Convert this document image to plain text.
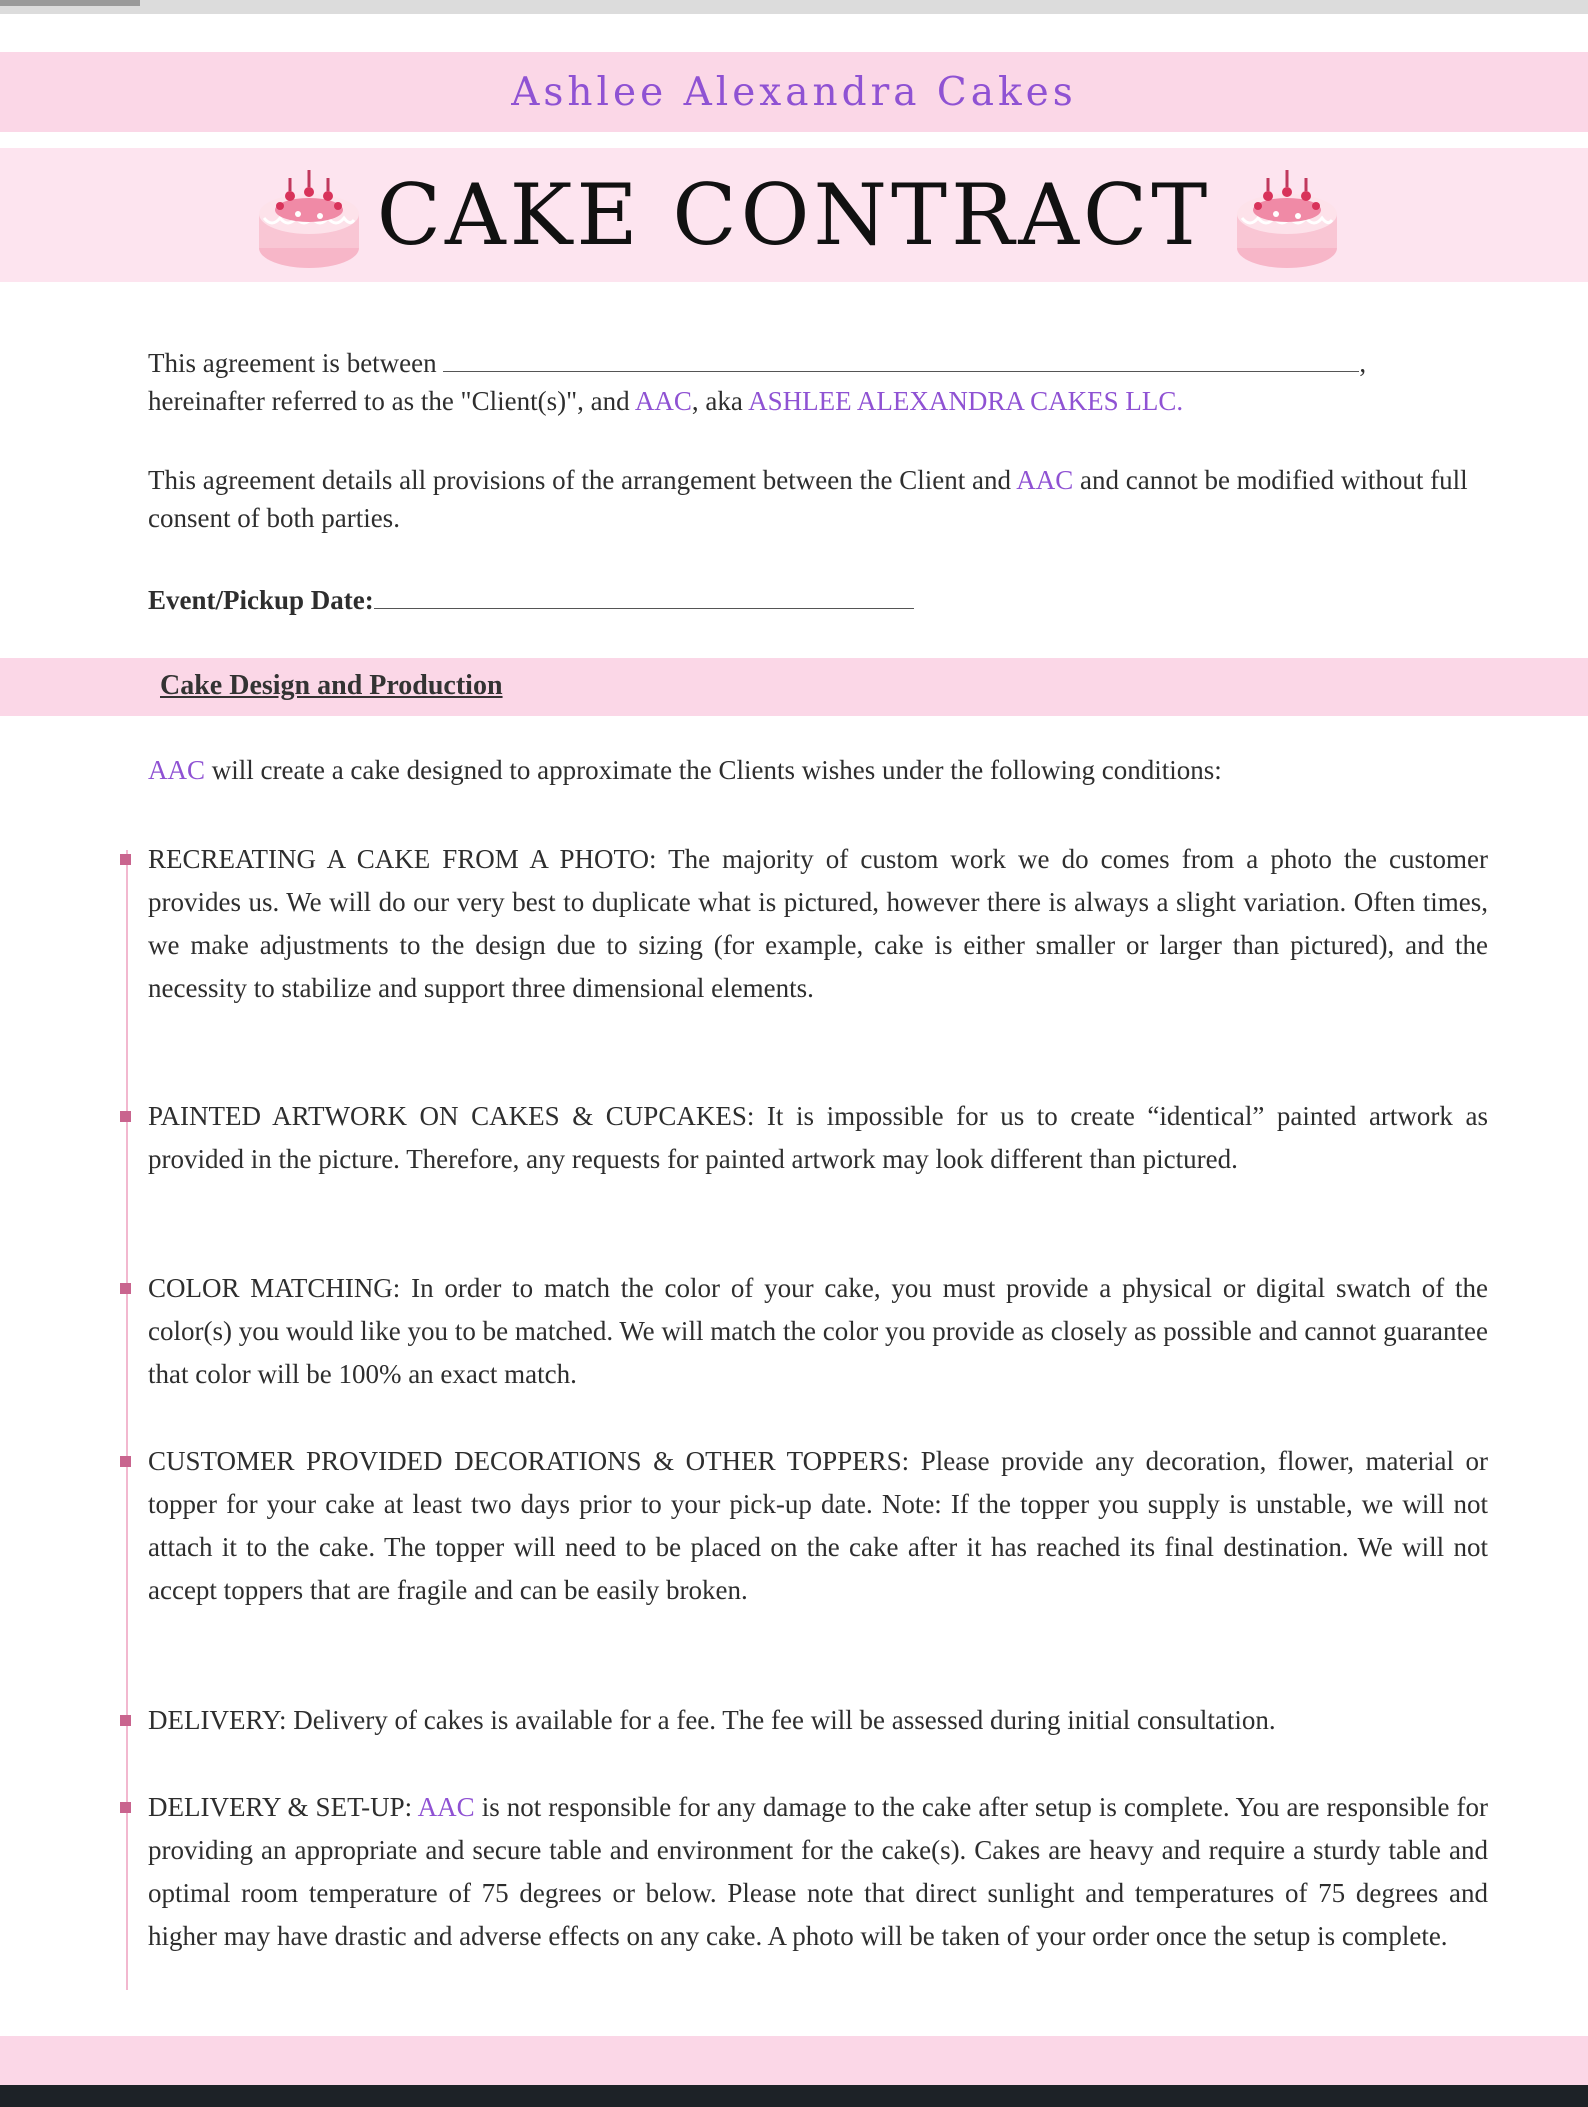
Ashlee Alexandra Cakes
CAKE CONTRACT
This agreement is between	,
hereinafter referred to as the "Client(s)", and AAC, aka ASHLEE ALEXANDRA CAKES LLC.
This agreement details all provisions of the arrangement between the Client and AAC and cannot be modified without full consent of both parties.
Event/Pickup Date:
Cake Design and Production
AAC will create a cake designed to approximate the Clients wishes under the following conditions:
RECREATING A CAKE FROM A PHOTO: The majority of custom work we do comes from a photo the customer provides us. We will do our very best to duplicate what is pictured, however there is always a slight variation. Often times, we make adjustments to the design due to sizing (for example, cake is either smaller or larger than pictured), and the necessity to stabilize and support three dimensional elements.
PAINTED ARTWORK ON CAKES & CUPCAKES: It is impossible for us to create “identical” painted artwork as provided in the picture. Therefore, any requests for painted artwork may look different than pictured.
COLOR MATCHING: In order to match the color of your cake, you must provide a physical or digital swatch of the color(s) you would like you to be matched. We will match the color you provide as closely as possible and cannot guarantee that color will be 100% an exact match.
CUSTOMER PROVIDED DECORATIONS & OTHER TOPPERS: Please provide any decoration, flower, material or topper for your cake at least two days prior to your pick-up date. Note: If the topper you supply is unstable, we will not attach it to the cake. The topper will need to be placed on the cake after it has reached its final destination. We will not accept toppers that are fragile and can be easily broken.
DELIVERY: Delivery of cakes is available for a fee. The fee will be assessed during initial consultation.
DELIVERY & SET-UP: AAC is not responsible for any damage to the cake after setup is complete. You are responsible for providing an appropriate and secure table and environment for the cake(s). Cakes are heavy and require a sturdy table and optimal room temperature of 75 degrees or below. Please note that direct sunlight and temperatures of 75 degrees and higher may have drastic and adverse effects on any cake. A photo will be taken of your order once the setup is complete.
